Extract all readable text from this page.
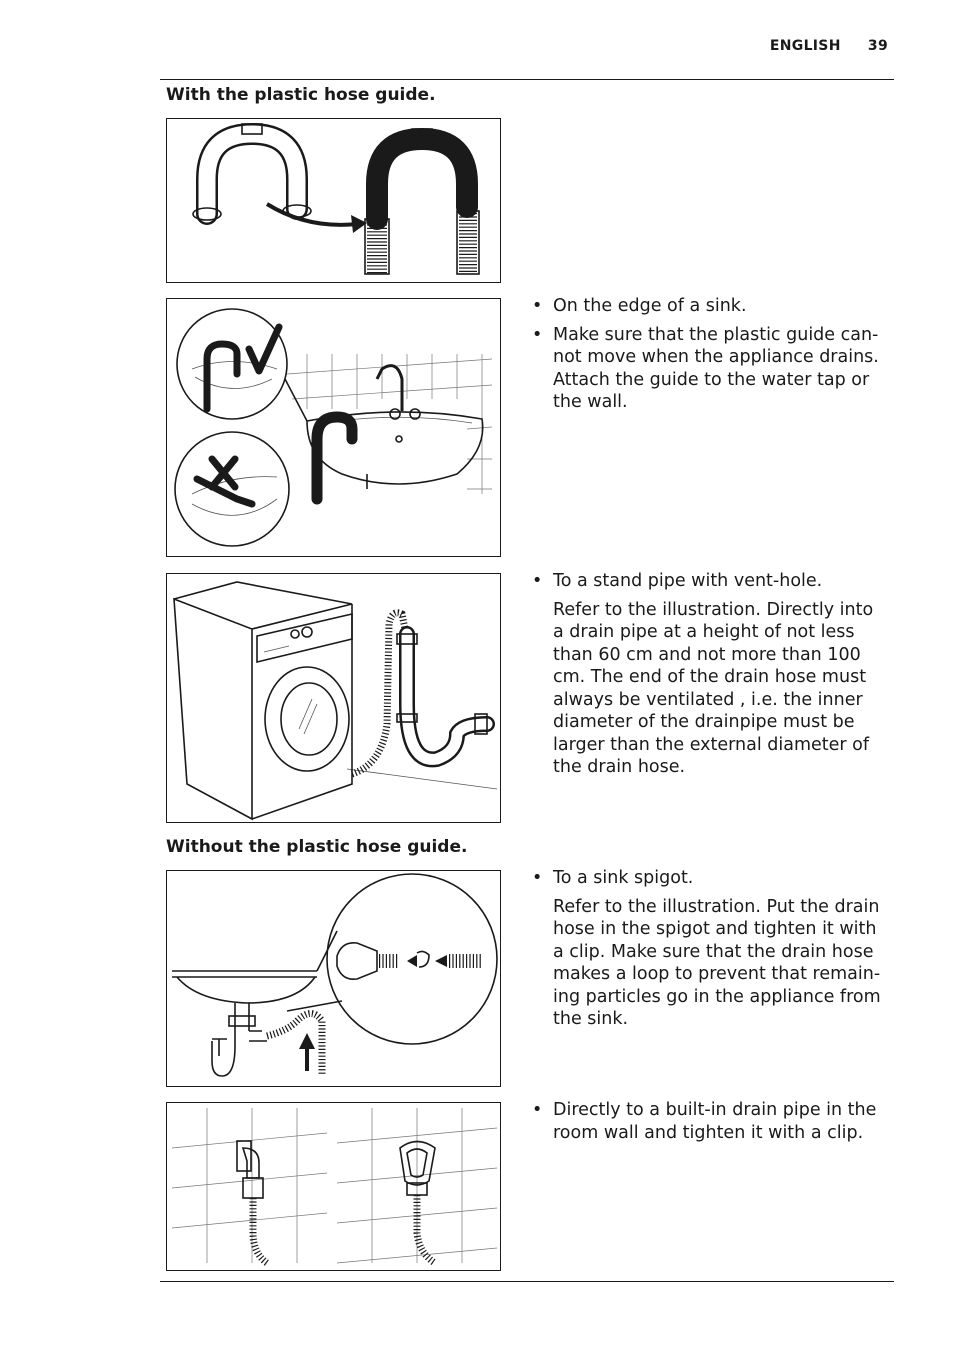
ENGLISH 39
With the plastic hose guide.
• On the edge of a sink.
• Make sure that the plastic guide can-not move when the appliance drains. Attach the guide to the water tap or the wall.
• To a stand pipe with vent-hole.

Refer to the illustration. Directly into a drain pipe at a height of not less than 60 cm and not more than 100 cm. The end of the drain hose must always be ventilated , i.e. the inner diameter of the drainpipe must be larger than the external diameter of the drain hose.

Without the plastic hose guide.
• To a sink spigot.

Refer to the illustration. Put the drain hose in the spigot and tighten it with a clip. Make sure that the drain hose makes a loop to prevent that remain-ing particles go in the appliance from the sink.

• Directly to a built-in drain pipe in the room wall and tighten it with a clip.
